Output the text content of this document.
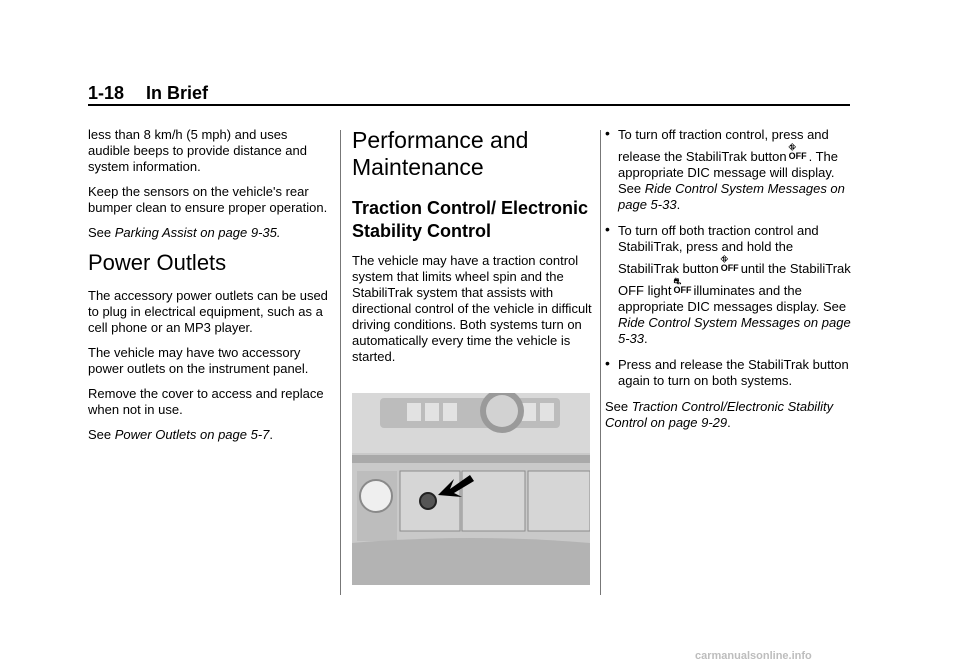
1-18 In Brief

less than 8 km/h (5 mph) and uses audible beeps to provide distance and system information.

Keep the sensors on the vehicle's rear bumper clean to ensure proper operation.

See Parking Assist on page 9-35.

Power Outlets

The accessory power outlets can be used to plug in electrical equipment, such as a cell phone or an MP3 player.

The vehicle may have two accessory power outlets on the instrument panel.

Remove the cover to access and replace when not in use.

See Power Outlets on page 5-7.

Performance and Maintenance
Traction Control/ Electronic Stability Control

The vehicle may have a traction control system that limits wheel spin and the StabiliTrak system that assists with directional control of the vehicle in difficult driving conditions. Both systems turn on automatically every time the vehicle is started.

• To turn off traction control, press and release the StabiliTrak button⛗
OFF . The appropriate DIC message will display. See Ride Control System Messages on page 5-33.
• To turn off both traction control and StabiliTrak, press and hold the StabiliTrak button⛗
OFF until the StabiliTrak OFF light⛐
OFF illuminates and the appropriate DIC messages display. See Ride Control System Messages on page 5-33.
• Press and release the StabiliTrak button again to turn on both systems.

See Traction Control/Electronic Stability Control on page 9-29.

carmanualsonline.info
